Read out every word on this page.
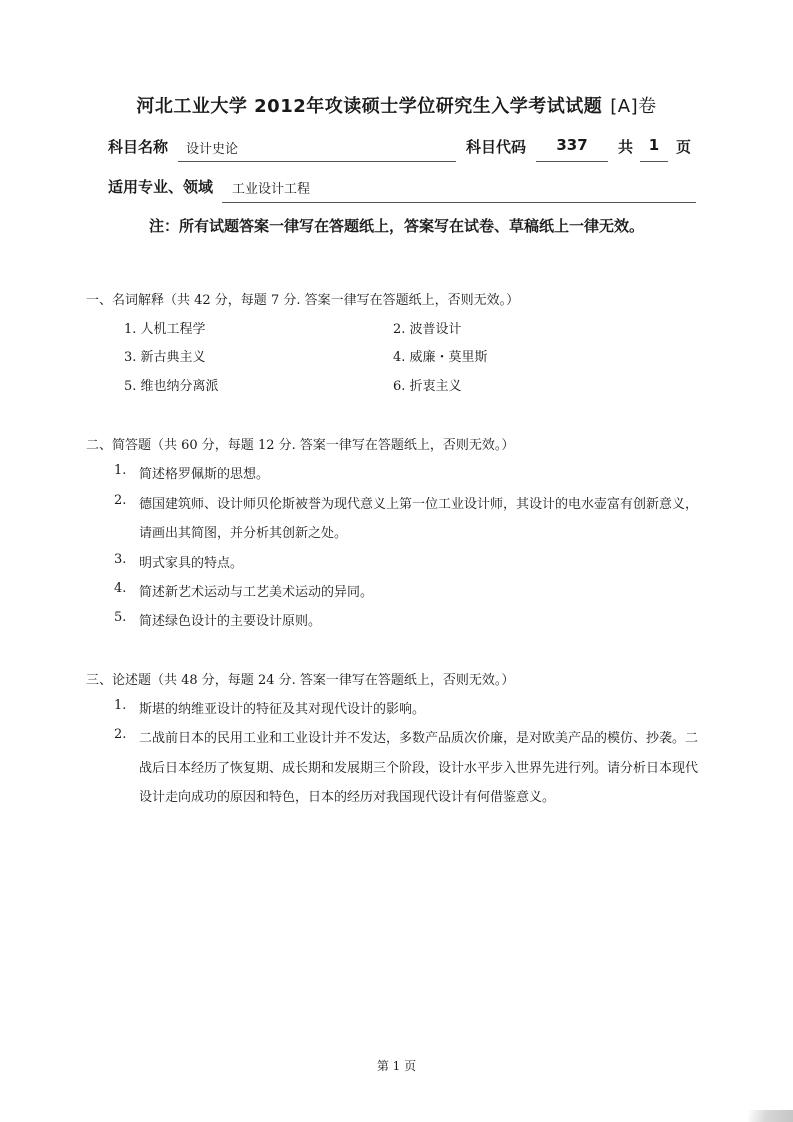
河北工业大学 2012年攻读硕士学位研究生入学考试试题 [A]卷
科目名称 设计史论	科目代码	337	共	1	页
适用专业、领域 工业设计工程
注：所有试题答案一律写在答题纸上，答案写在试卷、草稿纸上一律无效。
一、名词解释（共 42 分，每题 7 分. 答案一律写在答题纸上，否则无效。）
1. 人机工程学	2. 波普设计
3. 新古典主义	4. 威廉・莫里斯
5. 维也纳分离派	6. 折衷主义
二、简答题（共 60 分，每题 12 分. 答案一律写在答题纸上，否则无效。）
1. 简述格罗佩斯的思想。
2. 德国建筑师、设计师贝伦斯被誉为现代意义上第一位工业设计师，其设计的电水壶富有创新意义，
请画出其简图，并分析其创新之处。
3. 明式家具的特点。
4. 简述新艺术运动与工艺美术运动的异同。
5. 简述绿色设计的主要设计原则。
三、论述题（共 48 分，每题 24 分. 答案一律写在答题纸上，否则无效。）
1. 斯堪的纳维亚设计的特征及其对现代设计的影响。
2. 二战前日本的民用工业和工业设计并不发达，多数产品质次价廉，是对欧美产品的模仿、抄袭。二
战后日本经历了恢复期、成长期和发展期三个阶段，设计水平步入世界先进行列。请分析日本现代
设计走向成功的原因和特色，日本的经历对我国现代设计有何借鉴意义。
第 1 页
